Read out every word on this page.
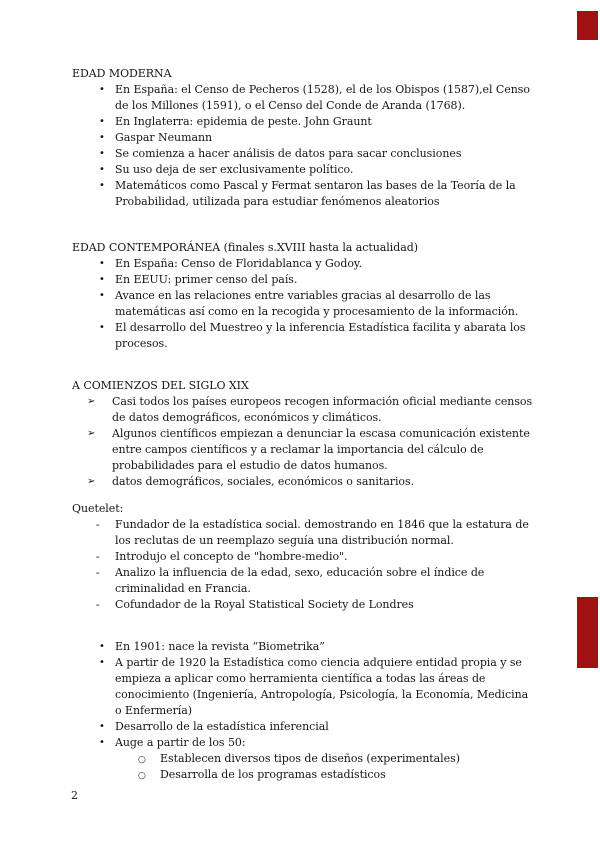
EDAD MODERNA
• En España: el Censo de Pecheros (1528), el de los Obispos (1587),el Censo de los Millones (1591), o el Censo del Conde de Aranda (1768).
• En Inglaterra: epidemia de peste. John Graunt
• Gaspar Neumann
• Se comienza a hacer análisis de datos para sacar conclusiones
• Su uso deja de ser exclusivamente político.
• Matemáticos como Pascal y Fermat sentaron las bases de la Teoría de la Probabilidad, utilizada para estudiar fenómenos aleatorios
EDAD CONTEMPORÁNEA (finales s.XVIII hasta la actualidad)
• En España: Censo de Floridablanca y Godoy.
• En EEUU: primer censo del país.
• Avance en las relaciones entre variables gracias al desarrollo de las matemáticas así como en la recogida y procesamiento de la información.
• El desarrollo del Muestreo y la inferencia Estadística facilita y abarata los procesos.
A COMIENZOS DEL SIGLO XIX
➢ Casi todos los países europeos recogen información oficial mediante censos de datos demográficos, económicos y climáticos.
➢ Algunos científicos empiezan a denunciar la escasa comunicación existente entre campos científicos y a reclamar la importancia del cálculo de probabilidades para el estudio de datos humanos.
➢ datos demográficos, sociales, económicos o sanitarios.
Quetelet:
- Fundador de la estadística social. demostrando en 1846 que la estatura de los reclutas de un reemplazo seguía una distribución normal.
- Introdujo el concepto de "hombre-medio".
- Analizo la influencia de la edad, sexo, educación sobre el índice de criminalidad en Francia.
- Cofundador de la Royal Statistical Society de Londres
• En 1901: nace la revista “Biometrika”
• A partir de 1920 la Estadística como ciencia adquiere entidad propia y se empieza a aplicar como herramienta científica a todas las áreas de conocimiento (Ingeniería, Antropología, Psicología, la Economía, Medicina o Enfermería)
• Desarrollo de la estadística inferencial
• Auge a partir de los 50:
○ Establecen diversos tipos de diseños (experimentales)
○ Desarrolla de los programas estadísticos
2
